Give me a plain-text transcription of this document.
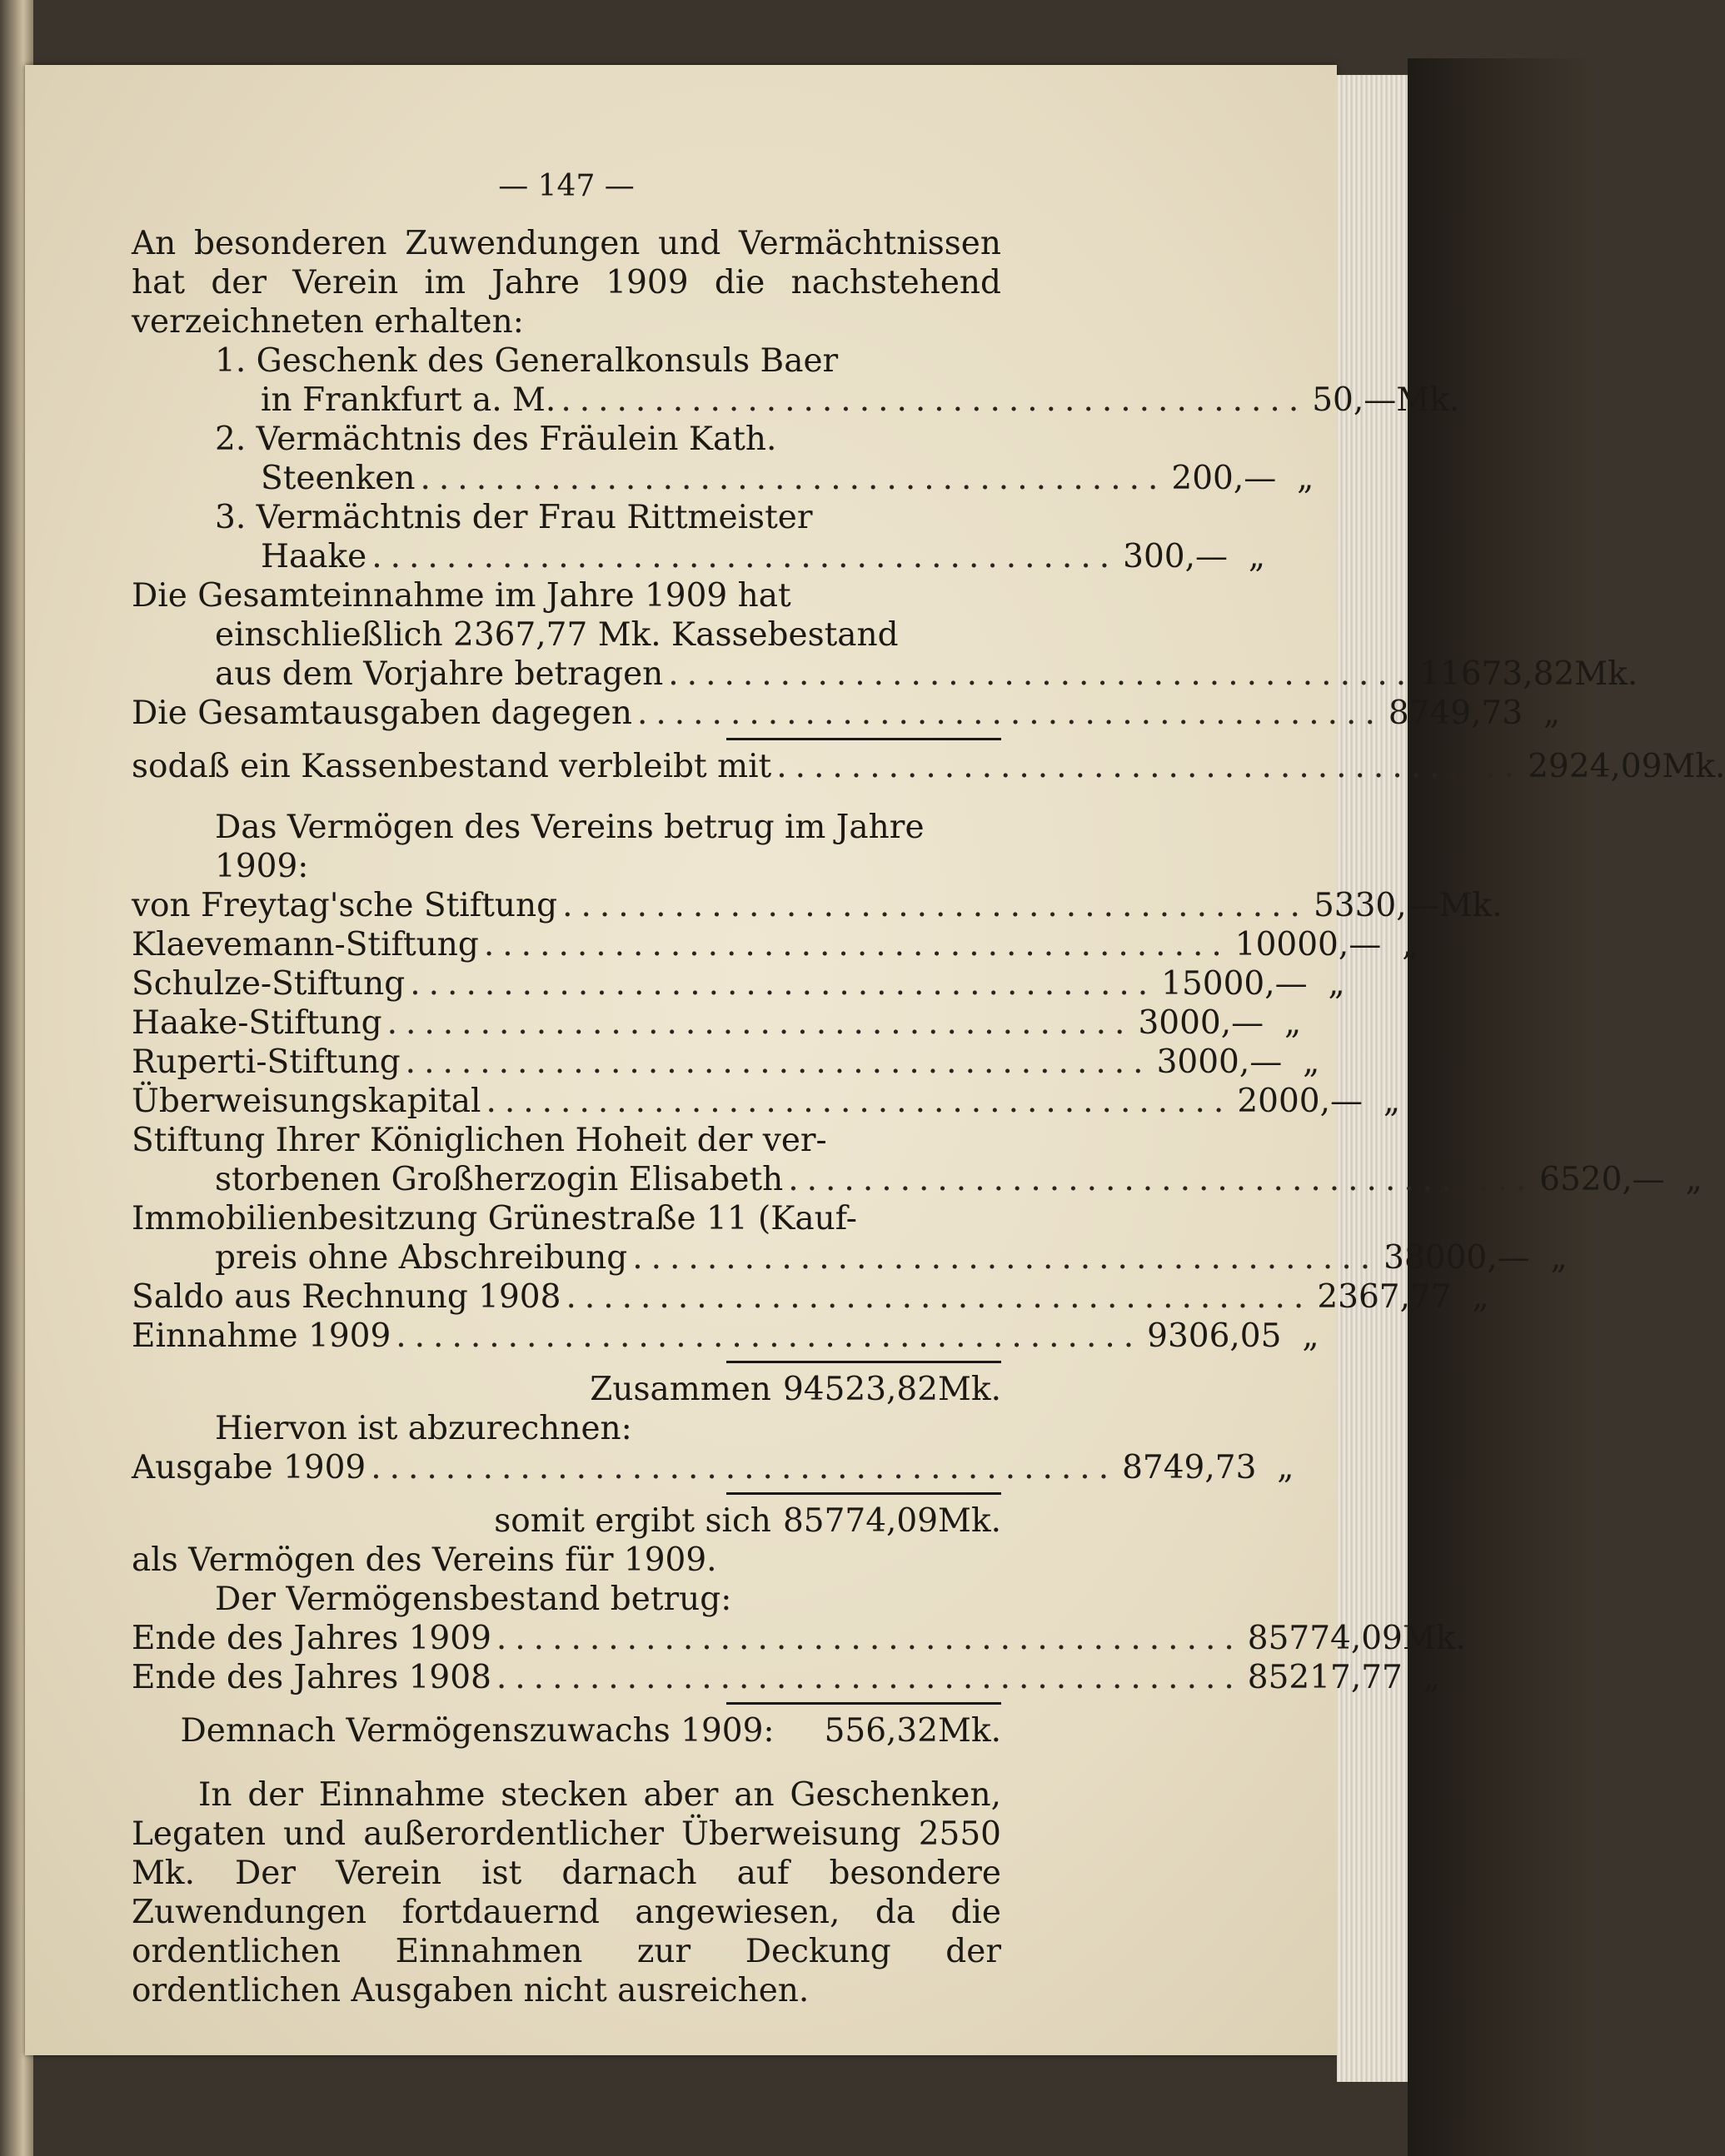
— 147 —
An besonderen Zuwendungen und Vermächtnissen hat der Verein im Jahre 1909 die nachstehend verzeichneten erhalten:
1. Geschenk des Generalkonsuls Baer
in Frankfurt a. M. ........................................ 50,— Mk.
2. Vermächtnis des Fräulein Kath.
Steenken ........................................ 200,— „
3. Vermächtnis der Frau Rittmeister
Haake ........................................ 300,— „
Die Gesamteinnahme im Jahre 1909 hat
einschließlich 2367,77 Mk. Kassebestand
aus dem Vorjahre betragen ........................................ 11673,82 Mk.
Die Gesamtausgaben dagegen ........................................ 8749,73 „
sodaß ein Kassenbestand verbleibt mit ........................................ 2924,09 Mk.
Das Vermögen des Vereins betrug im Jahre 1909:
von Freytag'sche Stiftung ........................................ 5330,— Mk.
Klaevemann-Stiftung ........................................ 10000,— „
Schulze-Stiftung ........................................ 15000,— „
Haake-Stiftung ........................................ 3000,— „
Ruperti-Stiftung ........................................ 3000,— „
Überweisungskapital ........................................ 2000,— „
Stiftung Ihrer Königlichen Hoheit der ver-
storbenen Großherzogin Elisabeth ........................................ 6520,— „
Immobilienbesitzung Grünestraße 11 (Kauf-
preis ohne Abschreibung ........................................ 38000,— „
Saldo aus Rechnung 1908 ........................................ 2367,77 „
Einnahme 1909 ........................................ 9306,05 „
Zusammen 94523,82 Mk.
Hiervon ist abzurechnen:
Ausgabe 1909 ........................................ 8749,73 „
somit ergibt sich 85774,09 Mk.
als Vermögen des Vereins für 1909.
Der Vermögensbestand betrug:
Ende des Jahres 1909 ........................................ 85774,09 Mk.
Ende des Jahres 1908 ........................................ 85217,77 „
Demnach Vermögenszuwachs 1909:	556,32 Mk.
In der Einnahme stecken aber an Geschenken, Legaten und außerordentlicher Überweisung 2550 Mk. Der Verein ist darnach auf besondere Zuwendungen fortdauernd angewiesen, da die ordentlichen Einnahmen zur Deckung der ordentlichen Ausgaben nicht ausreichen.
